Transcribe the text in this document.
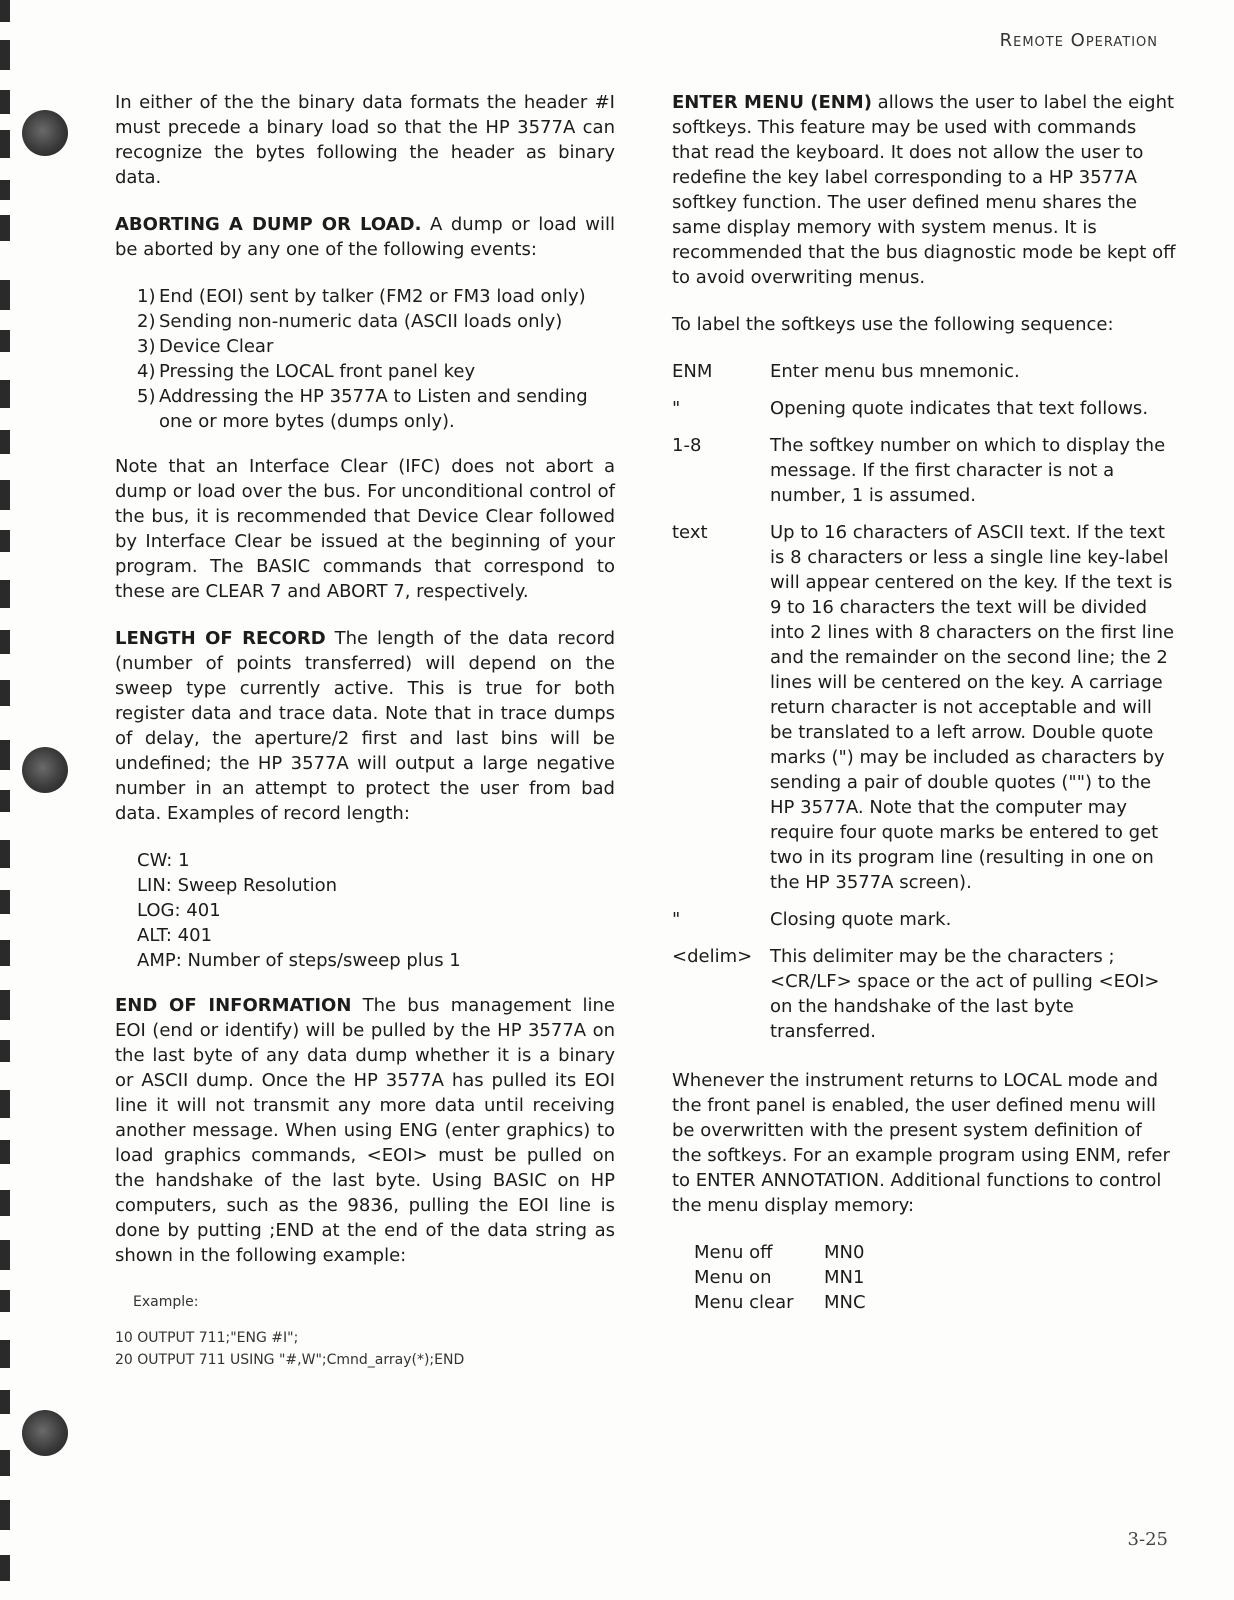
Remote Operation

In either of the the binary data formats the header #I must precede a binary load so that the HP 3577A can recognize the bytes following the header as binary data.

ABORTING A DUMP OR LOAD. A dump or load will be aborted by any one of the following events:

1) End (EOI) sent by talker (FM2 or FM3 load only)
2) Sending non-numeric data (ASCII loads only)
3) Device Clear
4) Pressing the LOCAL front panel key
5) Addressing the HP 3577A to Listen and sending one or more bytes (dumps only).

Note that an Interface Clear (IFC) does not abort a dump or load over the bus. For unconditional control of the bus, it is recommended that Device Clear followed by Interface Clear be issued at the beginning of your program. The BASIC commands that correspond to these are CLEAR 7 and ABORT 7, respectively.

LENGTH OF RECORD The length of the data record (number of points transferred) will depend on the sweep type currently active. This is true for both register data and trace data. Note that in trace dumps of delay, the aperture/2 first and last bins will be undefined; the HP 3577A will output a large negative number in an attempt to protect the user from bad data. Examples of record length:

CW: 1
LIN: Sweep Resolution
LOG: 401
ALT: 401
AMP: Number of steps/sweep plus 1

END OF INFORMATION The bus management line EOI (end or identify) will be pulled by the HP 3577A on the last byte of any data dump whether it is a binary or ASCII dump. Once the HP 3577A has pulled its EOI line it will not transmit any more data until receiving another message. When using ENG (enter graphics) to load graphics commands, <EOI> must be pulled on the handshake of the last byte. Using BASIC on HP computers, such as the 9836, pulling the EOI line is done by putting ;END at the end of the data string as shown in the following example:

Example:
10 OUTPUT 711;"ENG #I";
20 OUTPUT 711 USING "#,W";Cmnd_array(*);END

ENTER MENU (ENM) allows the user to label the eight softkeys. This feature may be used with commands that read the keyboard. It does not allow the user to redefine the key label corresponding to a HP 3577A softkey function. The user defined menu shares the same display memory with system menus. It is recommended that the bus diagnostic mode be kept off to avoid overwriting menus.

To label the softkeys use the following sequence:

ENM	Enter menu bus mnemonic.
"	Opening quote indicates that text follows.
1-8	The softkey number on which to display the message. If the first character is not a number, 1 is assumed.
text	Up to 16 characters of ASCII text. If the text is 8 characters or less a single line key-label will appear centered on the key. If the text is 9 to 16 characters the text will be divided into 2 lines with 8 characters on the first line and the remainder on the second line; the 2 lines will be centered on the key. A carriage return character is not acceptable and will be translated to a left arrow. Double quote marks (") may be included as characters by sending a pair of double quotes ("") to the HP 3577A. Note that the computer may require four quote marks be entered to get two in its program line (resulting in one on the HP 3577A screen).
"	Closing quote mark.
<delim> This delimiter may be the characters ; <CR/LF> space or the act of pulling <EOI> on the handshake of the last byte transferred.

Whenever the instrument returns to LOCAL mode and the front panel is enabled, the user defined menu will be overwritten with the present system definition of the softkeys. For an example program using ENM, refer to ENTER ANNOTATION. Additional functions to control the menu display memory:

Menu off	MN0
Menu on	MN1
Menu clear	MNC
3-25
